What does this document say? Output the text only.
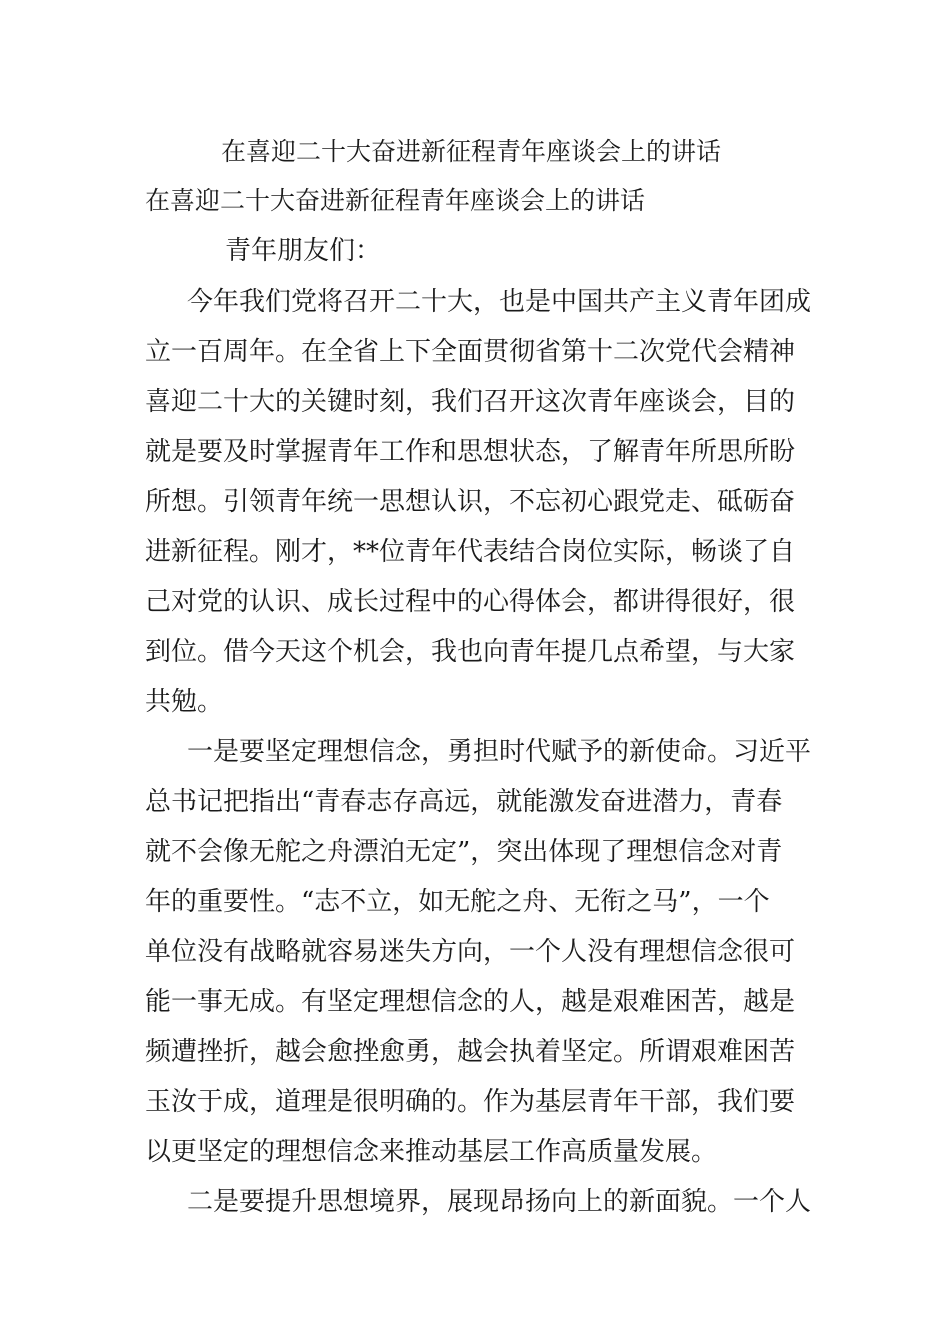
在喜迎二十大奋进新征程青年座谈会上的讲话
在喜迎二十大奋进新征程青年座谈会上的讲话
青年朋友们：
今年我们党将召开二十大，也是中国共产主义青年团成
立一百周年。在全省上下全面贯彻省第十二次党代会精神
喜迎二十大的关键时刻，我们召开这次青年座谈会，目的
就是要及时掌握青年工作和思想状态，了解青年所思所盼
所想。引领青年统一思想认识，不忘初心跟党走、砥砺奋
进新征程。刚才，**位青年代表结合岗位实际，畅谈了自
己对党的认识、成长过程中的心得体会，都讲得很好，很
到位。借今天这个机会，我也向青年提几点希望，与大家
共勉。
一是要坚定理想信念，勇担时代赋予的新使命。习近平
总书记把指出“青春志存高远，就能激发奋进潜力，青春
就不会像无舵之舟漂泊无定”，突出体现了理想信念对青
年的重要性。“志不立，如无舵之舟、无衔之马”，一个
单位没有战略就容易迷失方向，一个人没有理想信念很可
能一事无成。有坚定理想信念的人，越是艰难困苦，越是
频遭挫折，越会愈挫愈勇，越会执着坚定。所谓艰难困苦
玉汝于成，道理是很明确的。作为基层青年干部，我们要
以更坚定的理想信念来推动基层工作高质量发展。
二是要提升思想境界，展现昂扬向上的新面貌。一个人
